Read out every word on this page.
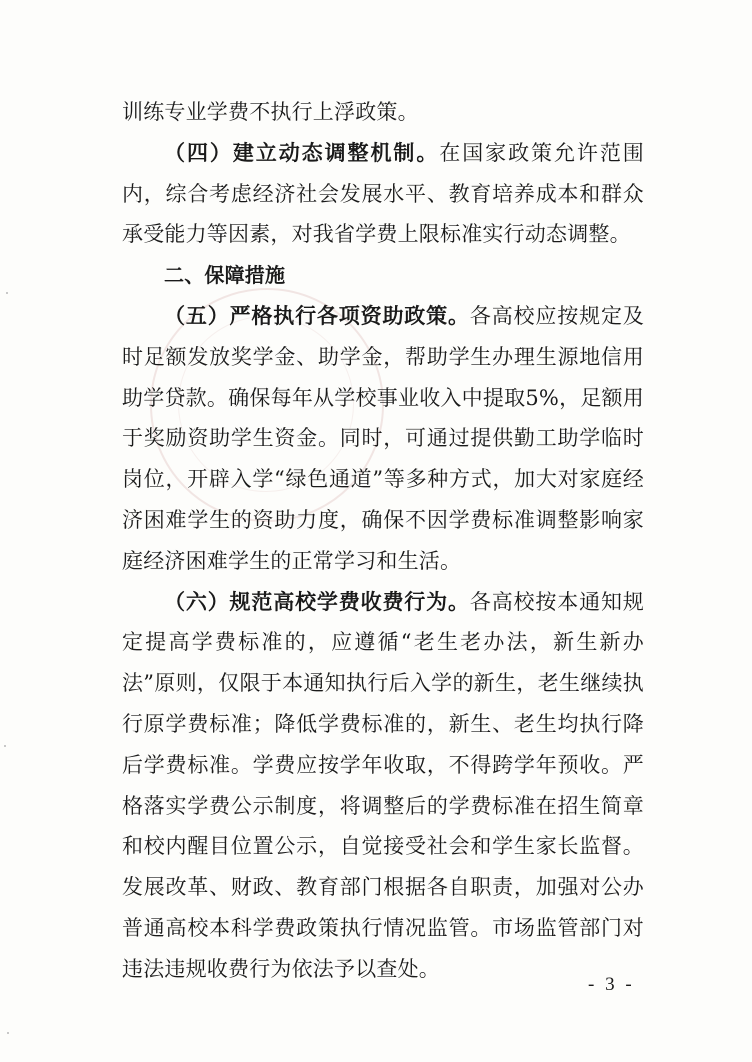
训练专业学费不执行上浮政策。

（四）建立动态调整机制。在国家政策允许范围内，综合考虑经济社会发展水平、教育培养成本和群众承受能力等因素，对我省学费上限标准实行动态调整。

二、保障措施

（五）严格执行各项资助政策。各高校应按规定及时足额发放奖学金、助学金，帮助学生办理生源地信用助学贷款。确保每年从学校事业收入中提取5%，足额用于奖励资助学生资金。同时，可通过提供勤工助学临时岗位，开辟入学“绿色通道”等多种方式，加大对家庭经济困难学生的资助力度，确保不因学费标准调整影响家庭经济困难学生的正常学习和生活。

（六）规范高校学费收费行为。各高校按本通知规定提高学费标准的，应遵循“老生老办法，新生新办法”原则，仅限于本通知执行后入学的新生，老生继续执行原学费标准；降低学费标准的，新生、老生均执行降后学费标准。学费应按学年收取，不得跨学年预收。严格落实学费公示制度，将调整后的学费标准在招生简章和校内醒目位置公示，自觉接受社会和学生家长监督。发展改革、财政、教育部门根据各自职责，加强对公办普通高校本科学费政策执行情况监管。市场监管部门对违法违规收费行为依法予以查处。

- 3 -
